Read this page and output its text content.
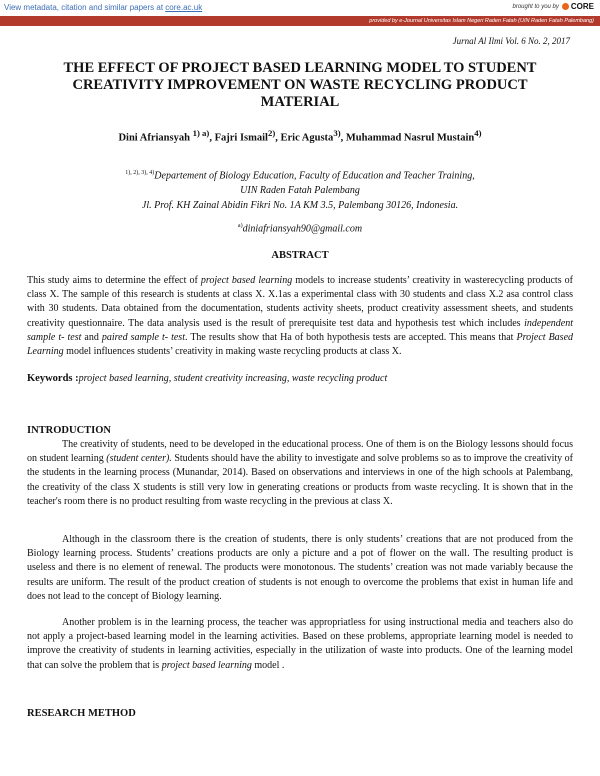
View metadata, citation and similar papers at core.ac.uk	brought to you by CORE
provided by e-Journal Universitas Islam Negeri Raden Fatah (UIN Raden Fatah Palembang)
Jurnal Al Ilmi Vol. 6 No. 2, 2017
THE EFFECT OF PROJECT BASED LEARNING MODEL TO STUDENT CREATIVITY IMPROVEMENT ON WASTE RECYCLING PRODUCT MATERIAL
Dini Afriansyah $^{1) a)}$, Fajri Ismail$^{2)}$, Eric Agusta$^{3)}$, Muhammad Nasrul Mustain$^{4)}$
$^{1), 2), 3), 4)}$Departement of Biology Education, Faculty of Education and Teacher Training,
UIN Raden Fatah Palembang
Jl. Prof. KH Zainal Abidin Fikri No. 1A KM 3.5, Palembang 30126, Indonesia.
$^{a)}$diniafriansyah90@gmail.com
ABSTRACT
This study aims to determine the effect of project based learning models to increase students’ creativity in wasterecycling products of class X. The sample of this research is students at class X. X.1as a experimental class with 30 students and class X.2 asa control class with 30 students. Data obtained from the documentation, students activity sheets, product creativity assessment sheets, and students creativity questionnaire. The data analysis used is the result of prerequisite test data and hypothesis test which includes independent sample t- test and paired sample t- test. The results show that Ha of both hypothesis tests are accepted. This means that Project Based Learning model influences students’ creativity in making waste recycling products at class X.
Keywords :project based learning, student creativity increasing, waste recycling product
INTRODUCTION
The creativity of students, need to be developed in the educational process. One of them is on the Biology lessons should focus on student learning (student center). Students should have the ability to investigate and solve problems so as to improve the creativity of the students in the learning process (Munandar, 2014). Based on observations and interviews in one of the high schools at Palembang, the creativity of the class X students is still very low in generating creations or products from waste recycling. It is shown that in the teacher's room there is no product resulting from waste recycling in the previous at class X.
Although in the classroom there is the creation of students, there is only students’ creations that are not produced from the Biology learning process. Students’ creations products are only a picture and a pot of flower on the wall. The resulting product is useless and there is no element of renewal. The products were monotonous. The students’ creation was not made variably because the results are uniform. The result of the product creation of students is not enough to overcome the problems that exist in human life and does not lead to the concept of Biology learning.
Another problem is in the learning process, the teacher was appropriatless for using instructional media and teachers also do not apply a project-based learning model in the learning activities. Based on these problems, appropriate learning model is needed to improve the creativity of students in learning activities, especially in the utilization of waste into products. One of the learning model that can solve the problem that is project based learning model .
RESEARCH METHOD
